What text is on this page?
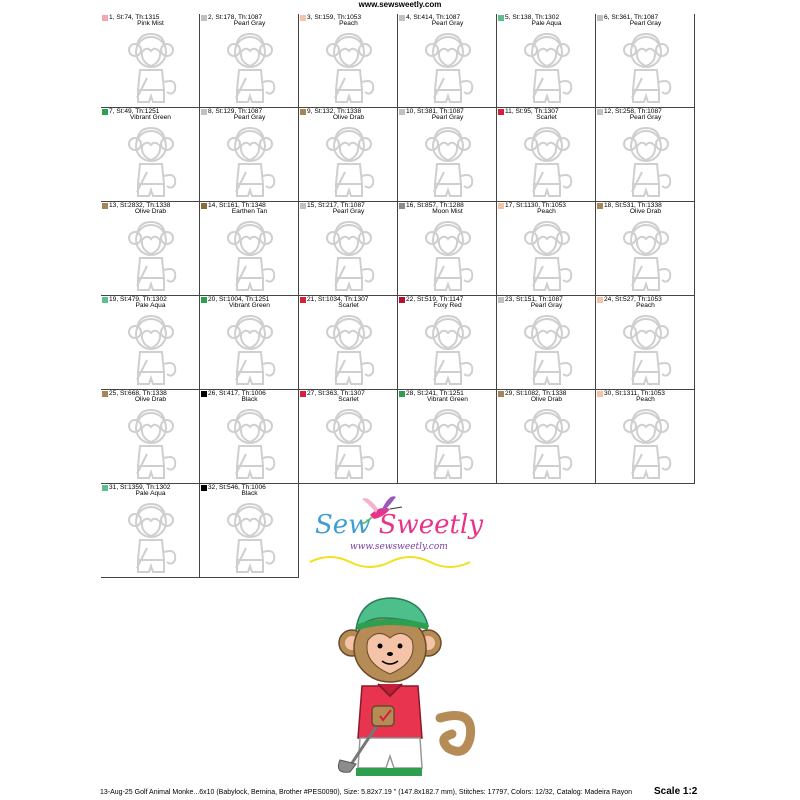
www.sewsweetly.com
1, St:74, Th:1315
Pink Mist
2, St:178, Th:1087
Pearl Gray
3, St:159, Th:1053
Peach
4, St:414, Th:1087
Pearl Gray
5, St:138, Th:1302
Pale Aqua
6, St:361, Th:1087
Pearl Gray
7, St:49, Th:1251
Vibrant Green
8, St:129, Th:1087
Pearl Gray
9, St:132, Th:1338
Olive Drab
10, St:381, Th:1087
Pearl Gray
11, St:95, Th:1307
Scarlet
12, St:258, Th:1087
Pearl Gray
13, St:2832, Th:1338
Olive Drab
14, St:161, Th:1348
Earthen Tan
15, St:217, Th:1087
Pearl Gray
16, St:857, Th:1288
Moon Mist
17, St:1130, Th:1053
Peach
18, St:531, Th:1338
Olive Drab
19, St:479, Th:1302
Pale Aqua
20, St:1004, Th:1251
Vibrant Green
21, St:1034, Th:1307
Scarlet
22, St:519, Th:1147
Foxy Red
23, St:151, Th:1087
Pearl Gray
24, St:527, Th:1053
Peach
25, St:668, Th:1338
Olive Drab
26, St:417, Th:1006
Black
27, St:363, Th:1307
Scarlet
28, St:241, Th:1251
Vibrant Green
29, St:1082, Th:1338
Olive Drab
30, St:1311, Th:1053
Peach
31, St:1359, Th:1302
Pale Aqua
32, St:546, Th:1006
Black
Sew Sweetly
www.sewsweetly.com
13-Aug-25 Golf Animal Monke...6x10 (Babylock, Bernina, Brother #PES0090), Size: 5.82x7.19 " (147.8x182.7 mm), Stitches: 17797, Colors: 12/32, Catalog: Madeira Rayon Scale 1:2
